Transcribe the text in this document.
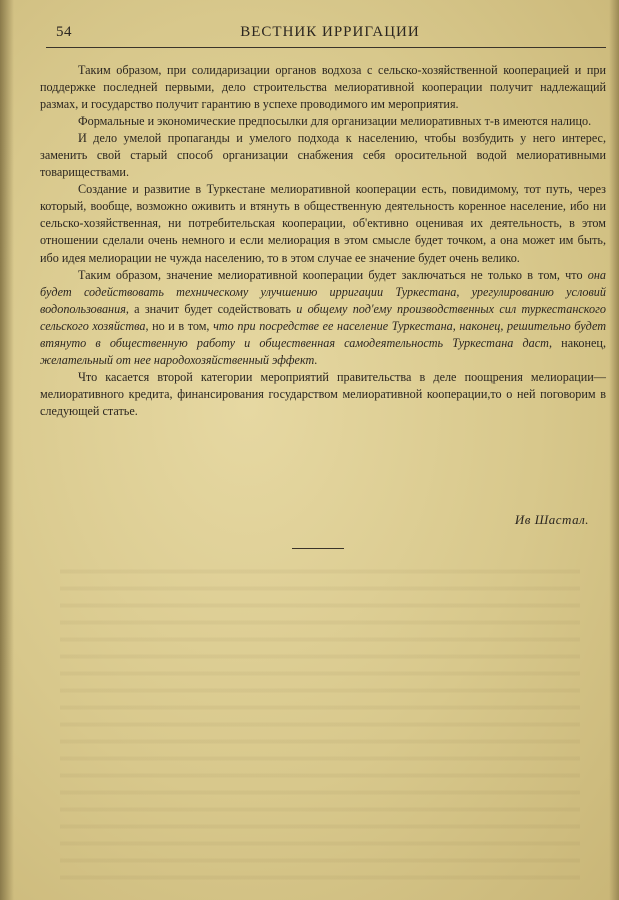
54	ВЕСТНИК ИРРИГАЦИИ

Таким образом, при солидаризации органов водхоза с сельско-хозяйственной кооперацией и при поддержке последней первыми, дело строительства мелиоративной кооперации получит надлежащий размах, и государство получит гарантию в успехе проводимого им мероприятия.

Формальные и экономические предпосылки для организации мелиоративных т-в имеются налицо.

И дело умелой пропаганды и умелого подхода к населению, чтобы возбудить у него интерес, заменить свой старый способ организации снабжения себя оросительной водой мелиоративными товариществами.

Создание и развитие в Туркестане мелиоративной кооперации есть, повидимому, тот путь, через который, вообще, возможно оживить и втянуть в общественную деятельность коренное население, ибо ни сельско-хозяйственная, ни потребительская кооперации, об'ективно оценивая их деятельность, в этом отношении сделали очень немного и если мелиорация в этом смысле будет точком, а она может им быть, ибо идея мелиорации не чужда населению, то в этом случае ее значение будет очень велико.

Таким образом, значение мелиоративной кооперации будет заключаться не только в том, что она будет содействовать техническому улучшению ирригации Туркестана, урегулированию условий водопользования, а значит будет содействовать и общему под'ему производственных сил туркестанского сельского хозяйства, но и в том, что при посредстве ее население Туркестана, наконец, решительно будет втянуто в общественную работу и общественная самодеятельность Туркестана даст, наконец, желательный от нее народохозяйственный эффект.

Что касается второй категории мероприятий правительства в деле поощрения мелиорации—мелиоративного кредита, финансирования государством мелиоративной кооперации,то о ней поговорим в следующей статье.

Ив Шастал.
